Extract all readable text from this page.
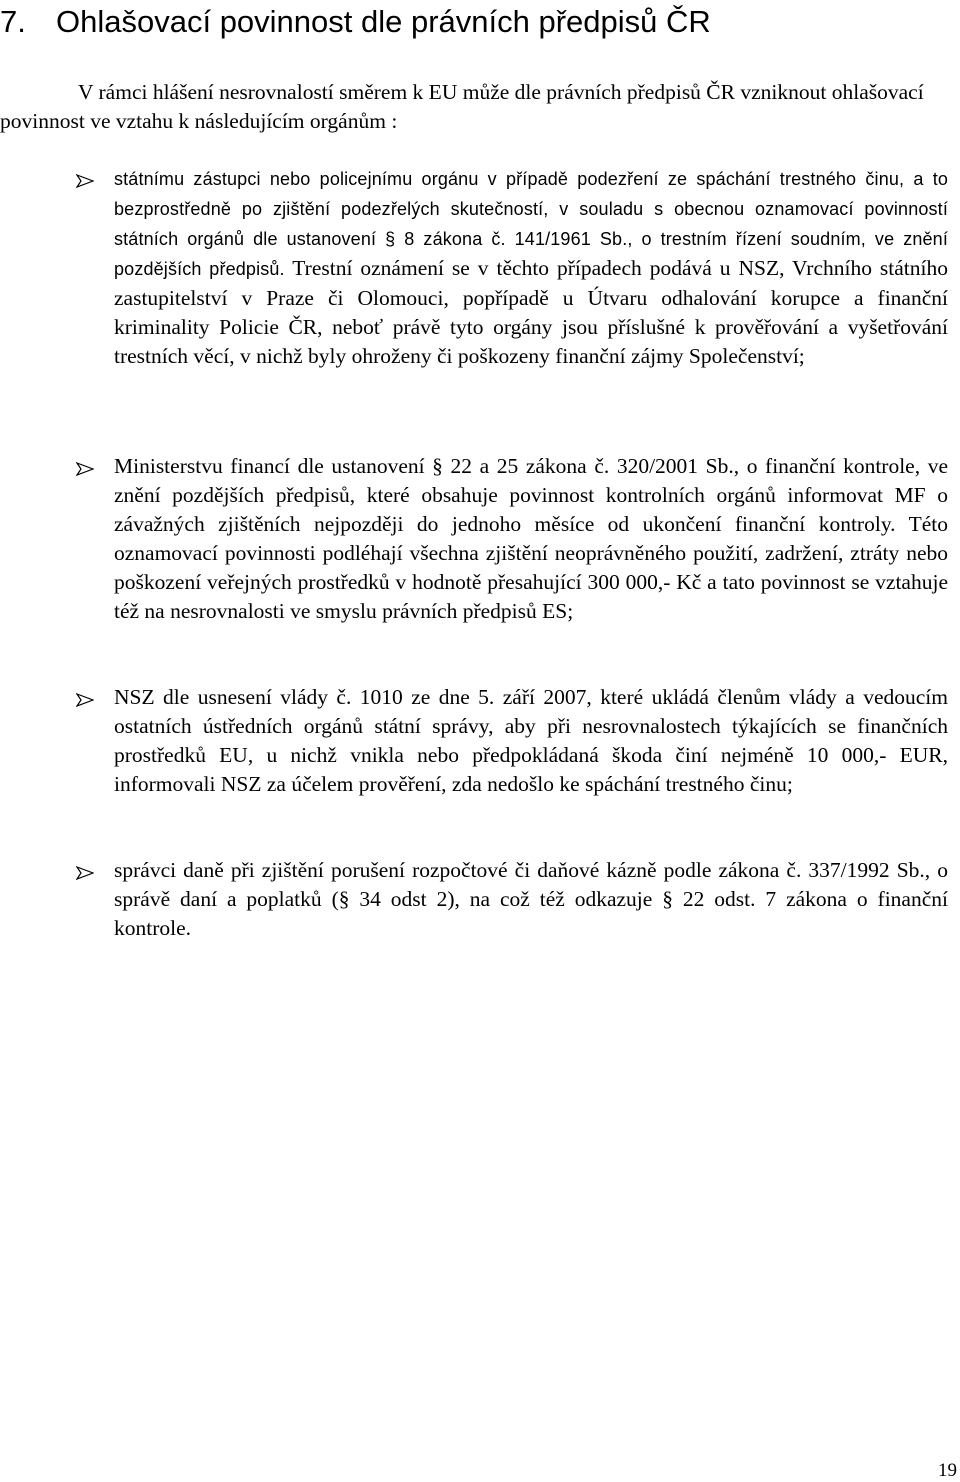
7. Ohlašovací povinnost dle právních předpisů ČR

V rámci hlášení nesrovnalostí směrem k EU může dle právních předpisů ČR vzniknout ohlašovací povinnost ve vztahu k následujícím orgánům :

státnímu zástupci nebo policejnímu orgánu v případě podezření ze spáchání trestného činu, a to bezprostředně po zjištění podezřelých skutečností, v souladu s obecnou oznamovací povinností státních orgánů dle ustanovení § 8 zákona č. 141/1961 Sb., o trestním řízení soudním, ve znění pozdějších předpisů. Trestní oznámení se v těchto případech podává u NSZ, Vrchního státního zastupitelství v Praze či Olomouci, popřípadě u Útvaru odhalování korupce a finanční kriminality Policie ČR, neboť právě tyto orgány jsou příslušné k prověřování a vyšetřování trestních věcí, v nichž byly ohroženy či poškozeny finanční zájmy Společenství;

Ministerstvu financí dle ustanovení § 22 a 25 zákona č. 320/2001 Sb., o finanční kontrole, ve znění pozdějších předpisů, které obsahuje povinnost kontrolních orgánů informovat MF o závažných zjištěních nejpozději do jednoho měsíce od ukončení finanční kontroly. Této oznamovací povinnosti podléhají všechna zjištění neoprávněného použití, zadržení, ztráty nebo poškození veřejných prostředků v hodnotě přesahující 300 000,- Kč a tato povinnost se vztahuje též na nesrovnalosti ve smyslu právních předpisů ES;

NSZ dle usnesení vlády č. 1010 ze dne 5. září 2007, které ukládá členům vlády a vedoucím ostatních ústředních orgánů státní správy, aby při nesrovnalostech týkajících se finančních prostředků EU, u nichž vnikla nebo předpokládaná škoda činí nejméně 10 000,- EUR, informovali NSZ za účelem prověření, zda nedošlo ke spáchání trestného činu;

správci daně při zjištění porušení rozpočtové či daňové kázně podle zákona č. 337/1992 Sb., o správě daní a poplatků (§ 34 odst 2), na což též odkazuje § 22 odst. 7 zákona o finanční kontrole.

19
